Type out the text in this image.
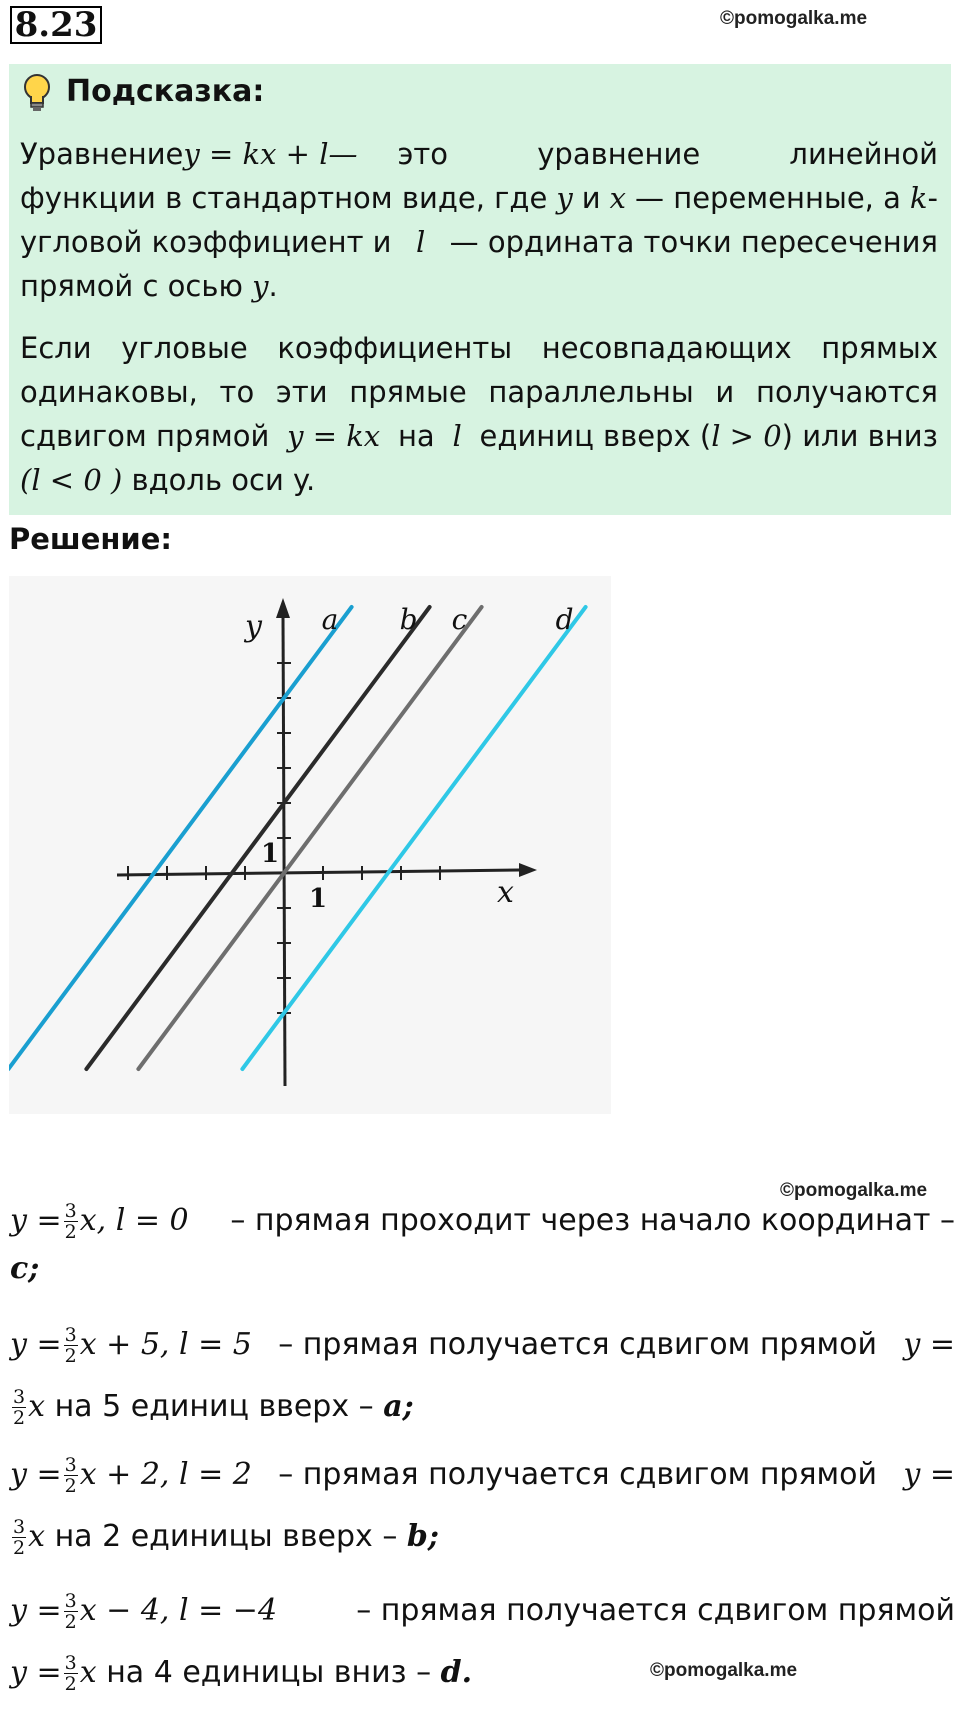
8.23	©pomogalka.me
Подсказка:
Уравнение y = kx + l— это уравнение линейной
функции в стандартном виде, где y и x — переменные, а k-
угловой коэффициент и l — ордината точки пересечения
прямой с осью y.
Если угловые коэффициенты несовпадающих прямых
одинаковы, то эти прямые параллельны и получаются
сдвигом прямой y = kx на l единиц вверх (l > 0) или вниз
(l < 0 ) вдоль оси y.
Решение:
y
x
1
1
a b c	d
©pomogalka.me
$y = \frac{3}{2} x$, l = 0 – прямая проходит через начало координат –
c;
$y = \frac{3}{2}$ x + 5, l = 5 – прямая получается сдвигом прямой y =
$\frac{3}{2}$ x
на 5 единиц вверх –
a ;
$y = \frac{3}{2}$ x + 2, l = 2 – прямая получается сдвигом прямой y =
$\frac{3}{2}$ x
на 2 единицы вверх –
b ;
$y = \frac{3}{2}$ x − 4, l = −4	– прямая получается сдвигом прямой
$y = \frac{3}{2}$ x
на 4 единицы вниз –
d .	©pomogalka.me
